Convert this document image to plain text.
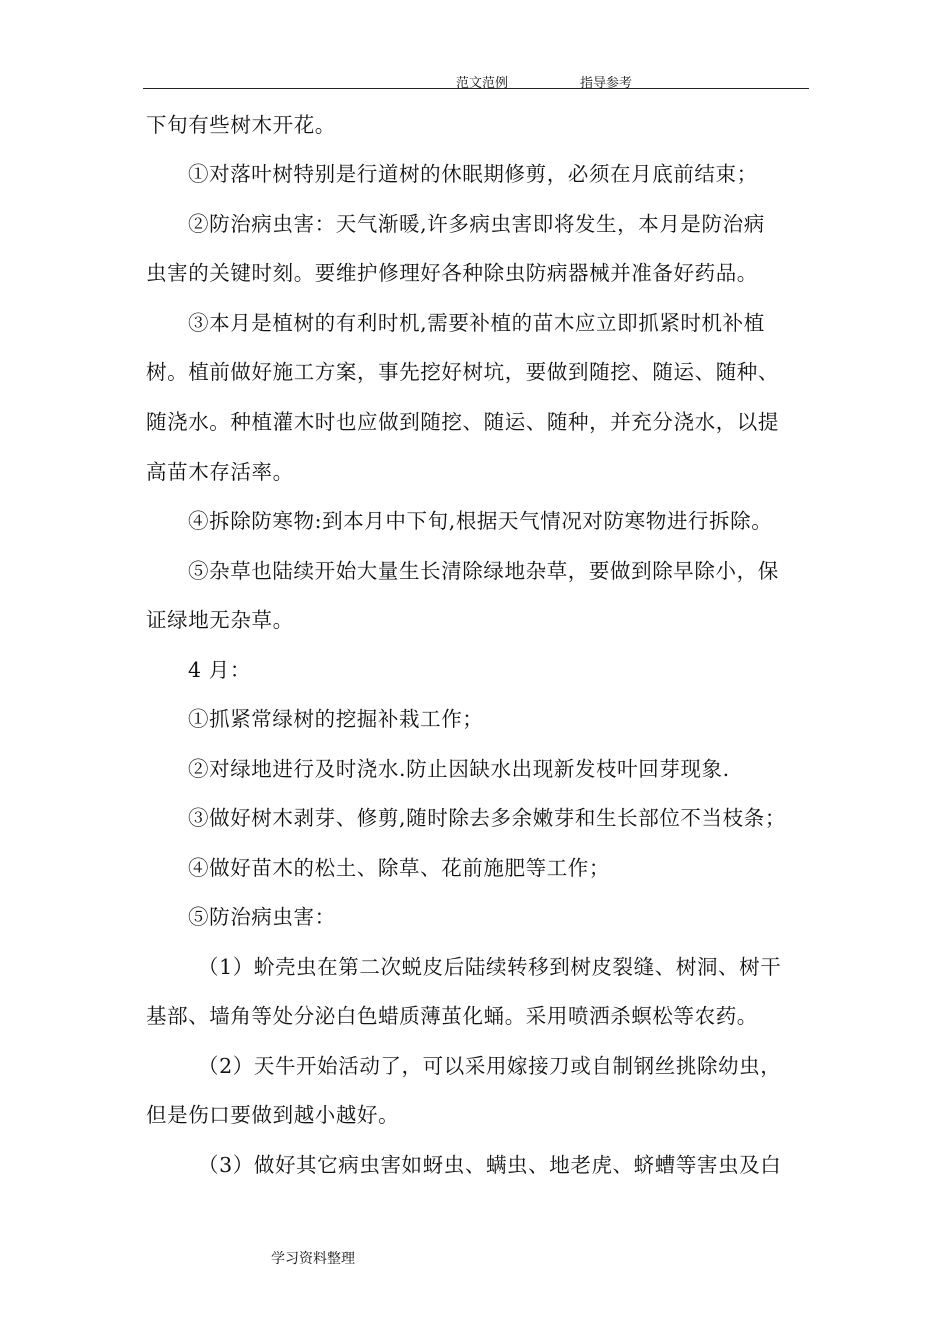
范文范例	指导参考
下旬有些树木开花。
①对落叶树特别是行道树的休眠期修剪，必须在月底前结束；
②防治病虫害：天气渐暖,许多病虫害即将发生，本月是防治病
虫害的关键时刻。要维护修理好各种除虫防病器械并准备好药品。
③本月是植树的有利时机,需要补植的苗木应立即抓紧时机补植
树。植前做好施工方案，事先挖好树坑，要做到随挖、随运、随种、
随浇水。种植灌木时也应做到随挖、随运、随种，并充分浇水，以提
高苗木存活率。
④拆除防寒物:到本月中下旬,根据天气情况对防寒物进行拆除。
⑤杂草也陆续开始大量生长清除绿地杂草，要做到除早除小，保
证绿地无杂草。
4 月：
①抓紧常绿树的挖掘补栽工作；
②对绿地进行及时浇水.防止因缺水出现新发枝叶回芽现象.
③做好树木剥芽、修剪,随时除去多余嫩芽和生长部位不当枝条；
④做好苗木的松土、除草、花前施肥等工作；
⑤防治病虫害：
（1）蚧壳虫在第二次蜕皮后陆续转移到树皮裂缝、树洞、树干
基部、墙角等处分泌白色蜡质薄茧化蛹。采用喷洒杀螟松等农药。
（2）天牛开始活动了，可以采用嫁接刀或自制钢丝挑除幼虫，
但是伤口要做到越小越好。
（3）做好其它病虫害如蚜虫、螨虫、地老虎、蛴螬等害虫及白
学习资料整理
